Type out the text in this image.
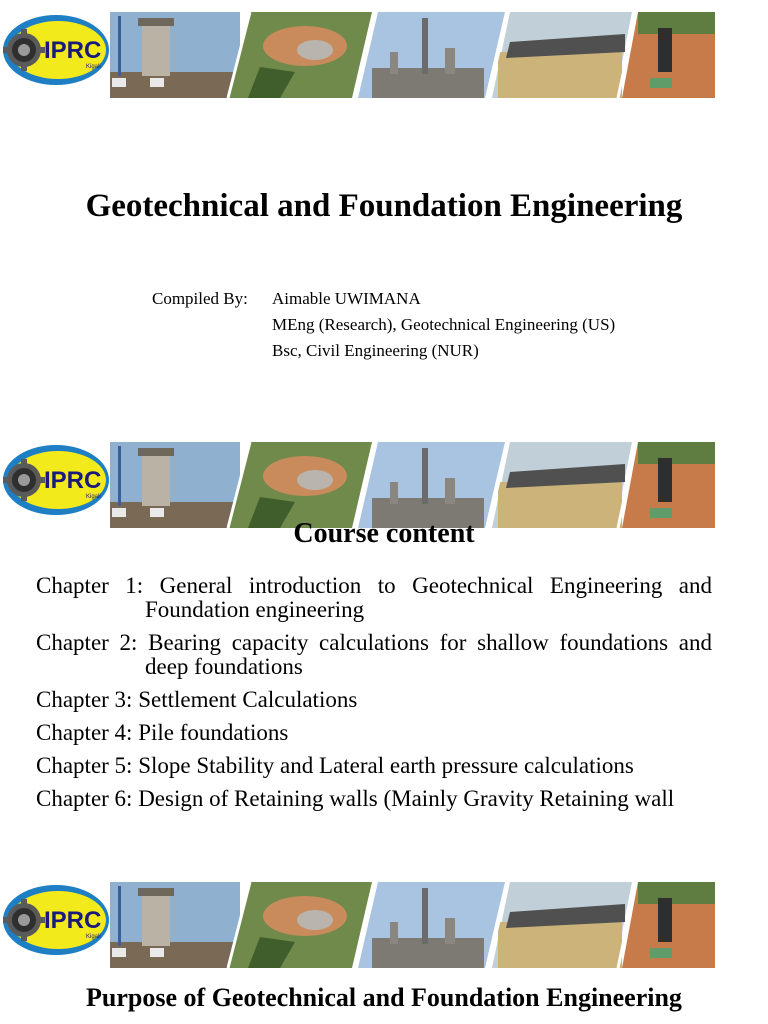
IPRC
Kigali
Geotechnical and Foundation Engineering
Compiled By: Aimable UWIMANA
MEng (Research), Geotechnical Engineering (US)
Bsc, Civil Engineering (NUR)
IPRC
Kigali
Course content
Chapter 1: General introduction to Geotechnical Engineering and Foundation engineering
Chapter 2: Bearing capacity calculations for shallow foundations and deep foundations
Chapter 3: Settlement Calculations
Chapter 4: Pile foundations
Chapter 5: Slope Stability and Lateral earth pressure calculations
Chapter 6: Design of Retaining walls (Mainly Gravity Retaining wall
IPRC
Kigali
Purpose of Geotechnical and Foundation Engineering
